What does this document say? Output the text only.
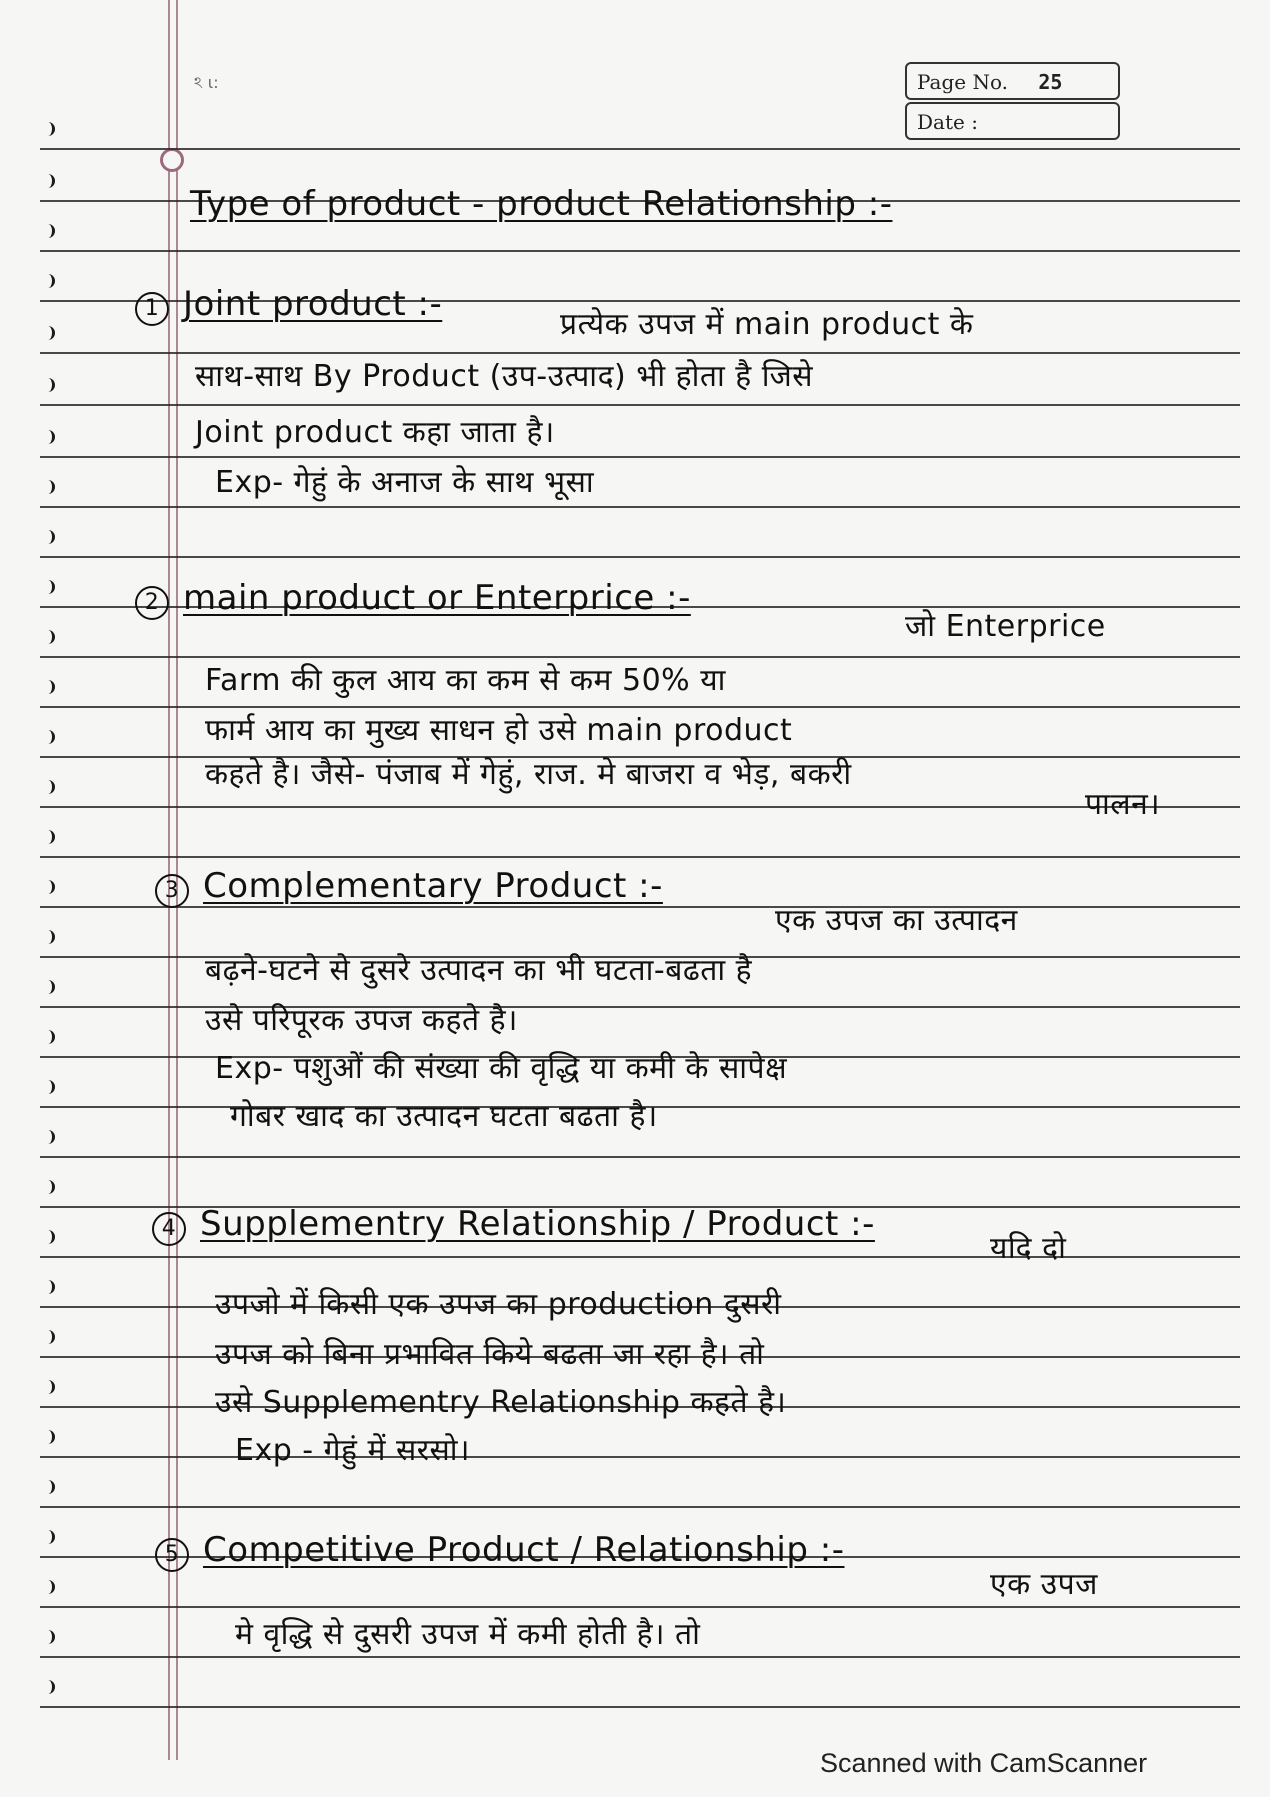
ঽ ɩ:	Page No. 25
Date :
Type of product - product Relationship :-
1 Joint product :-
प्रत्येक उपज में main product के
साथ-साथ By Product (उप-उत्पाद) भी होता है जिसे
Joint product कहा जाता है।
Exp- गेहुं के अनाज के साथ भूसा
2 main product or Enterprice :-
जो Enterprice
Farm की कुल आय का कम से कम 50% या
फार्म आय का मुख्य साधन हो उसे main product
कहते है। जैसे- पंजाब में गेहुं, राज. मे बाजरा व भेड़, बकरी
पालन।
3 Complementary Product :-
एक उपज का उत्पादन
बढ़ने-घटने से दुसरे उत्पादन का भी घटता-बढता है
उसे परिपूरक उपज कहते है।
Exp- पशुओं की संख्या की वृद्धि या कमी के सापेक्ष
गोबर खाद का उत्पादन घटता बढता है।
4 Supplementry Relationship / Product :-
यदि दो
उपजो में किसी एक उपज का production दुसरी
उपज को बिना प्रभावित किये बढता जा रहा है। तो
उसे Supplementry Relationship कहते है।
Exp - गेहुं में सरसो।
5 Competitive Product / Relationship :-
एक उपज
मे वृद्धि से दुसरी उपज में कमी होती है। तो
Scanned with CamScanner
